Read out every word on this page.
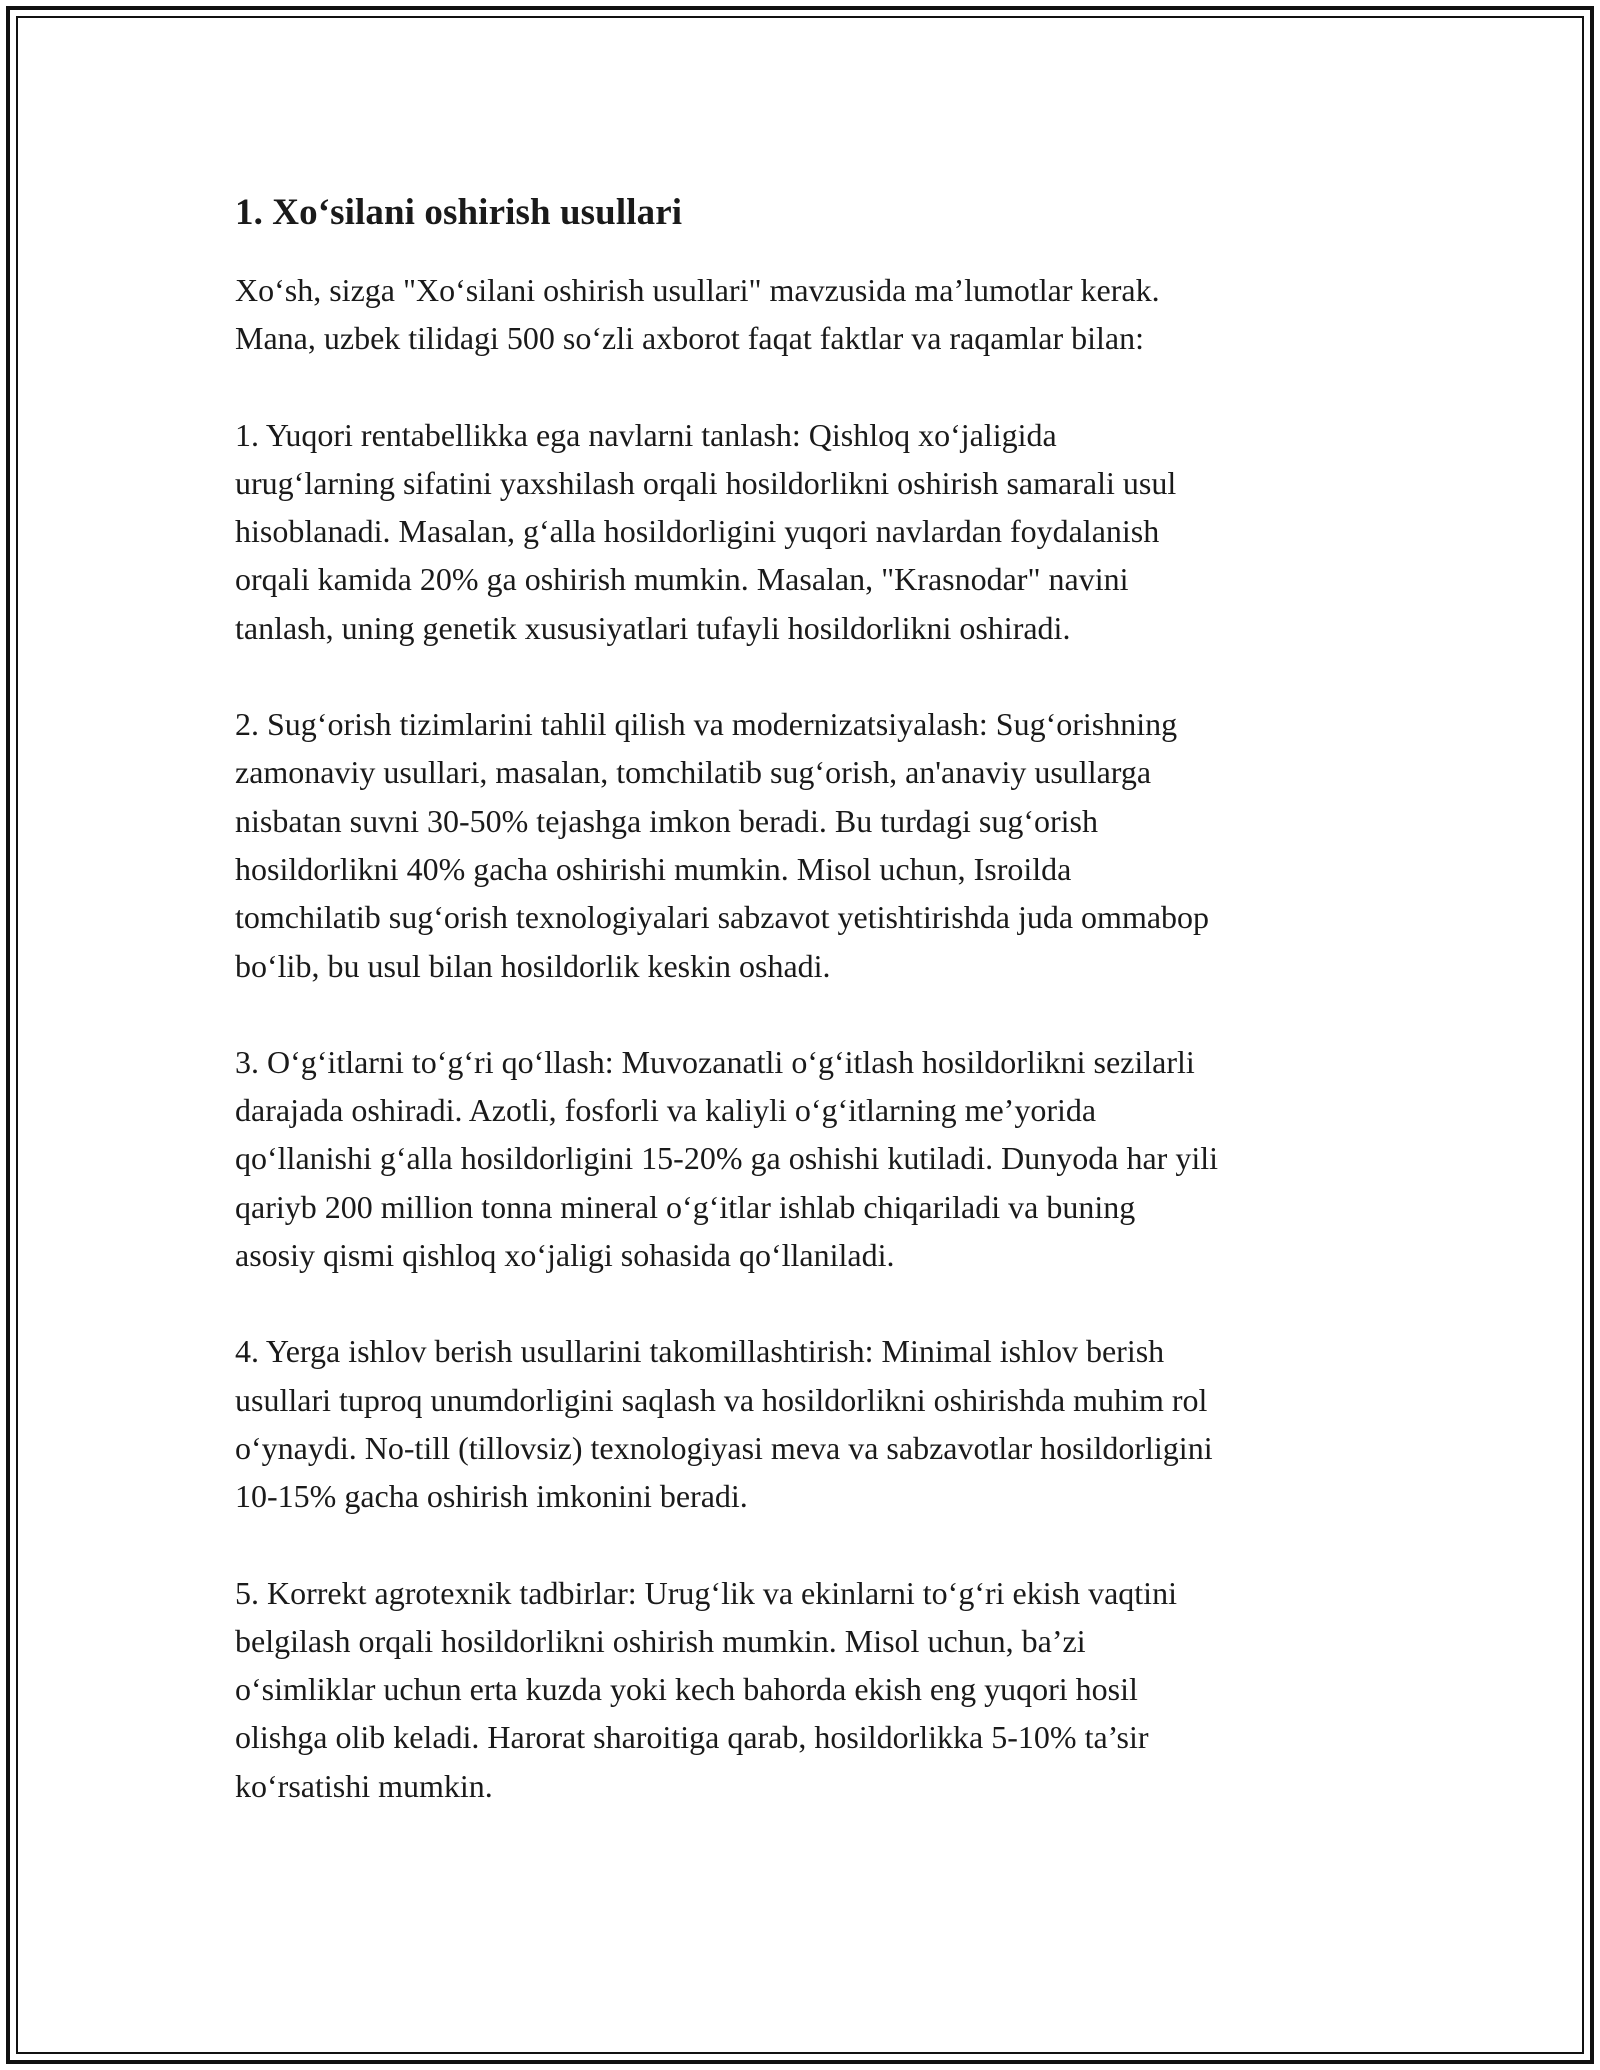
1. Xo‘silani oshirish usullari

Xo‘sh, sizga "Xo‘silani oshirish usullari" mavzusida ma’lumotlar kerak.
Mana, uzbek tilidagi 500 so‘zli axborot faqat faktlar va raqamlar bilan:

1. Yuqori rentabellikka ega navlarni tanlash: Qishloq xo‘jaligida
urug‘larning sifatini yaxshilash orqali hosildorlikni oshirish samarali usul
hisoblanadi. Masalan, g‘alla hosildorligini yuqori navlardan foydalanish
orqali kamida 20% ga oshirish mumkin. Masalan, "Krasnodar" navini
tanlash, uning genetik xususiyatlari tufayli hosildorlikni oshiradi.

2. Sug‘orish tizimlarini tahlil qilish va modernizatsiyalash: Sug‘orishning
zamonaviy usullari, masalan, tomchilatib sug‘orish, an'anaviy usullarga
nisbatan suvni 30-50% tejashga imkon beradi. Bu turdagi sug‘orish
hosildorlikni 40% gacha oshirishi mumkin. Misol uchun, Isroilda
tomchilatib sug‘orish texnologiyalari sabzavot yetishtirishda juda ommabop
bo‘lib, bu usul bilan hosildorlik keskin oshadi.

3. O‘g‘itlarni to‘g‘ri qo‘llash: Muvozanatli o‘g‘itlash hosildorlikni sezilarli
darajada oshiradi. Azotli, fosforli va kaliyli o‘g‘itlarning me’yorida
qo‘llanishi g‘alla hosildorligini 15-20% ga oshishi kutiladi. Dunyoda har yili
qariyb 200 million tonna mineral o‘g‘itlar ishlab chiqariladi va buning
asosiy qismi qishloq xo‘jaligi sohasida qo‘llaniladi.

4. Yerga ishlov berish usullarini takomillashtirish: Minimal ishlov berish
usullari tuproq unumdorligini saqlash va hosildorlikni oshirishda muhim rol
o‘ynaydi. No-till (tillovsiz) texnologiyasi meva va sabzavotlar hosildorligini
10-15% gacha oshirish imkonini beradi.

5. Korrekt agrotexnik tadbirlar: Urug‘lik va ekinlarni to‘g‘ri ekish vaqtini
belgilash orqali hosildorlikni oshirish mumkin. Misol uchun, ba’zi
o‘simliklar uchun erta kuzda yoki kech bahorda ekish eng yuqori hosil
olishga olib keladi. Harorat sharoitiga qarab, hosildorlikka 5-10% ta’sir
ko‘rsatishi mumkin.
